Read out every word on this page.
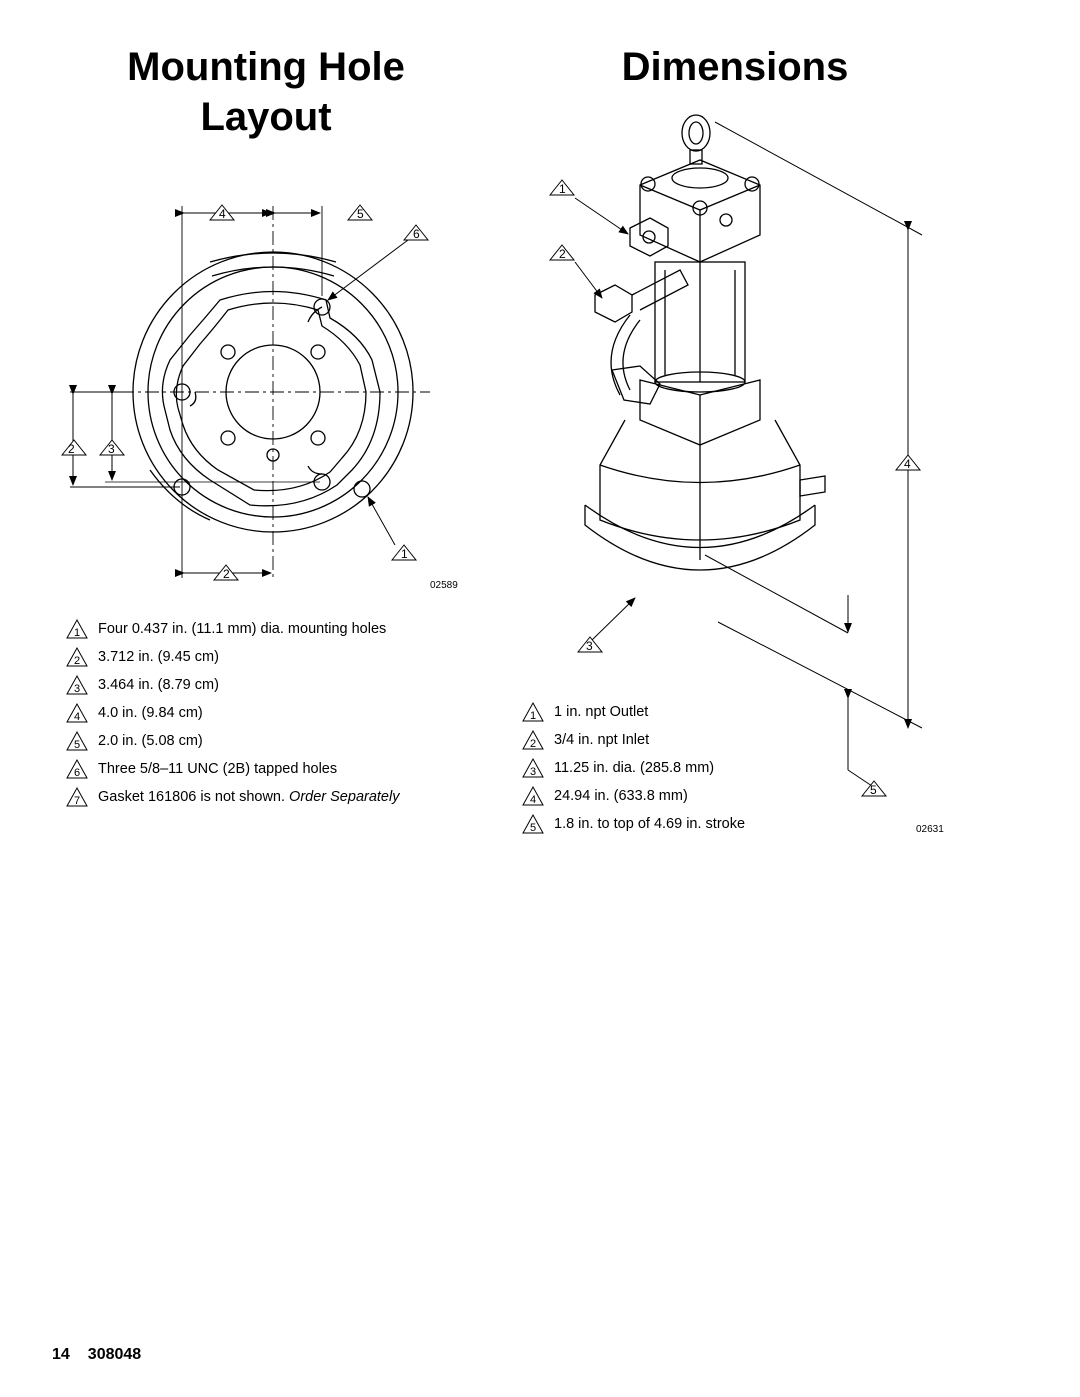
Mounting Hole Layout
Dimensions
4	5
6
2	3
1
2
02589
1
2
3
4
5
02631
1 Four 0.437 in. (11.1 mm) dia. mounting holes
2 3.712 in. (9.45 cm)
3 3.464 in. (8.79 cm)
4 4.0 in. (9.84 cm)
5 2.0 in. (5.08 cm)
6 Three 5/8–11 UNC (2B) tapped holes
7 Gasket 161806 is not shown. Order Separately
1 1 in. npt Outlet
2 3/4 in. npt Inlet
3 11.25 in. dia. (285.8 mm)
4 24.94 in. (633.8 mm)
5 1.8 in. to top of 4.69 in. stroke
14 308048
